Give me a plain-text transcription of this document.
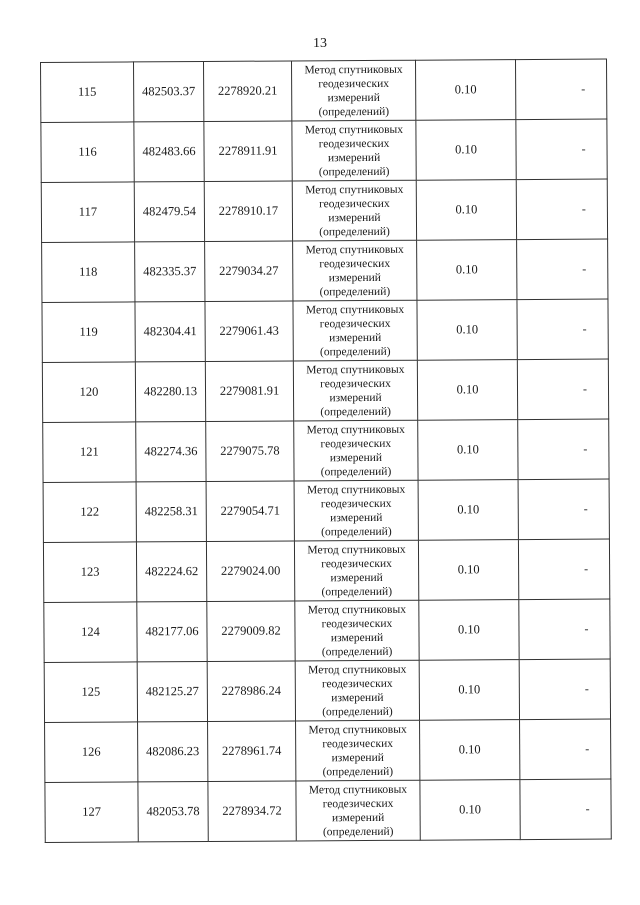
13
115	482503.37	2278920.21	Метод спутниковых
геодезических
измерений
(определений)	0.10	-
116	482483.66	2278911.91	Метод спутниковых
геодезических
измерений
(определений)	0.10	-
117	482479.54	2278910.17	Метод спутниковых
геодезических
измерений
(определений)	0.10	-
118	482335.37	2279034.27	Метод спутниковых
геодезических
измерений
(определений)	0.10	-
119	482304.41	2279061.43	Метод спутниковых
геодезических
измерений
(определений)	0.10	-
120	482280.13	2279081.91	Метод спутниковых
геодезических
измерений
(определений)	0.10	-
121	482274.36	2279075.78	Метод спутниковых
геодезических
измерений
(определений)	0.10	-
122	482258.31	2279054.71	Метод спутниковых
геодезических
измерений
(определений)	0.10	-
123	482224.62	2279024.00	Метод спутниковых
геодезических
измерений
(определений)	0.10	-
124	482177.06	2279009.82	Метод спутниковых
геодезических
измерений
(определений)	0.10	-
125	482125.27	2278986.24	Метод спутниковых
геодезических
измерений
(определений)	0.10	-
126	482086.23	2278961.74	Метод спутниковых
геодезических
измерений
(определений)	0.10	-
127	482053.78	2278934.72	Метод спутниковых
геодезических
измерений
(определений)	0.10	-
